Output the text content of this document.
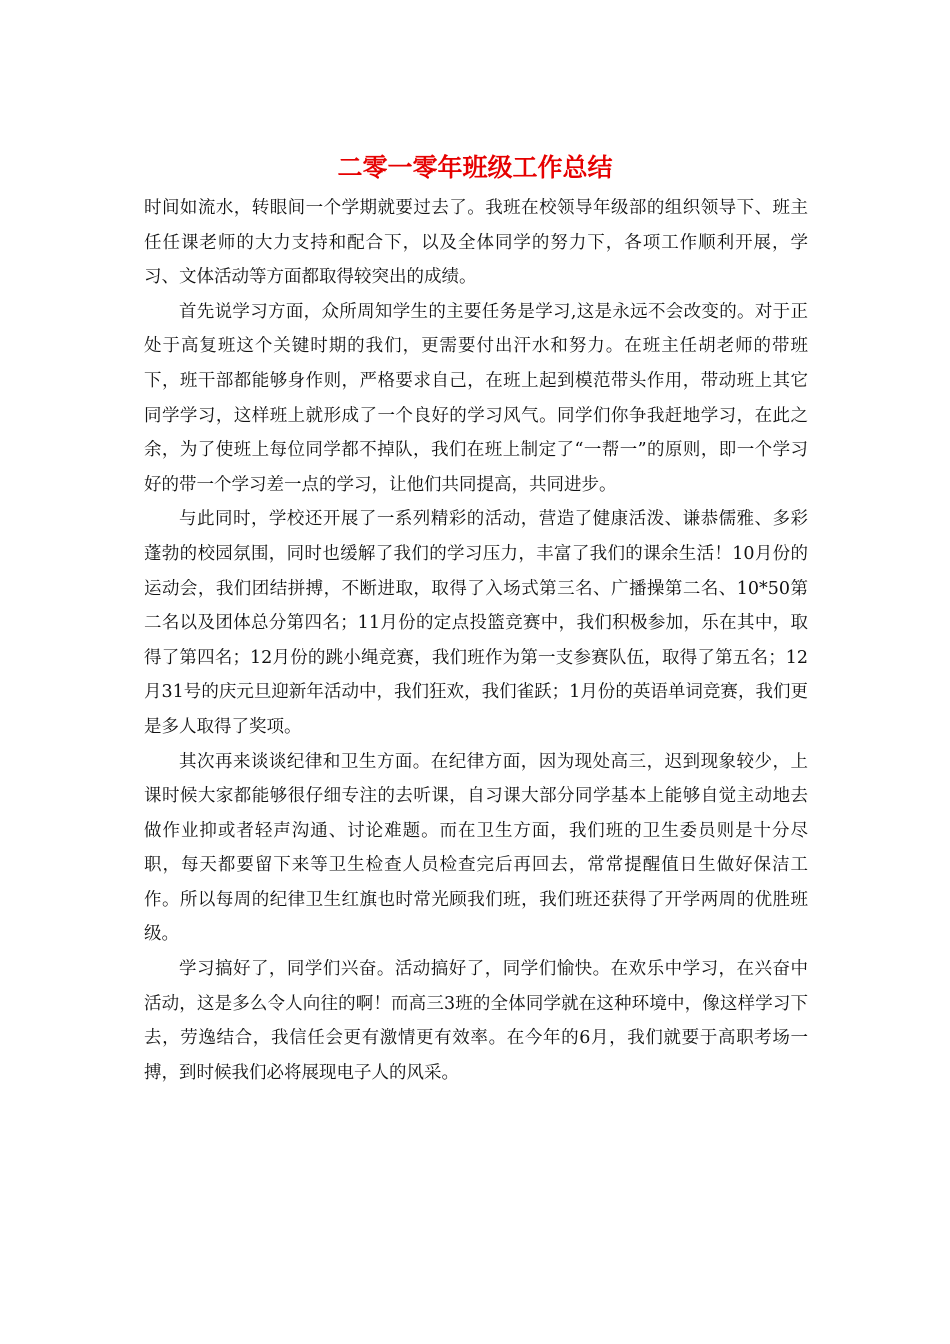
二零一零年班级工作总结

时间如流水，转眼间一个学期就要过去了。我班在校领导年级部的组织领导下、班主任任课老师的大力支持和配合下，以及全体同学的努力下，各项工作顺利开展，学习、文体活动等方面都取得较突出的成绩。

首先说学习方面，众所周知学生的主要任务是学习,这是永远不会改变的。对于正处于高复班这个关键时期的我们，更需要付出汗水和努力。在班主任胡老师的带班下，班干部都能够身作则，严格要求自己，在班上起到模范带头作用，带动班上其它同学学习，这样班上就形成了一个良好的学习风气。同学们你争我赶地学习，在此之余，为了使班上每位同学都不掉队，我们在班上制定了“一帮一”的原则，即一个学习好的带一个学习差一点的学习，让他们共同提高，共同进步。

与此同时，学校还开展了一系列精彩的活动，营造了健康活泼、谦恭儒雅、多彩蓬勃的校园氛围，同时也缓解了我们的学习压力，丰富了我们的课余生活！10月份的运动会，我们团结拼搏，不断进取，取得了入场式第三名、广播操第二名、10*50第二名以及团体总分第四名；11月份的定点投篮竞赛中，我们积极参加，乐在其中，取得了第四名；12月份的跳小绳竞赛，我们班作为第一支参赛队伍，取得了第五名；12月31号的庆元旦迎新年活动中，我们狂欢，我们雀跃；1月份的英语单词竞赛，我们更是多人取得了奖项。

其次再来谈谈纪律和卫生方面。在纪律方面，因为现处高三，迟到现象较少，上课时候大家都能够很仔细专注的去听课，自习课大部分同学基本上能够自觉主动地去做作业抑或者轻声沟通、讨论难题。而在卫生方面，我们班的卫生委员则是十分尽职，每天都要留下来等卫生检查人员检查完后再回去，常常提醒值日生做好保洁工作。所以每周的纪律卫生红旗也时常光顾我们班，我们班还获得了开学两周的优胜班级。

学习搞好了，同学们兴奋。活动搞好了，同学们愉快。在欢乐中学习，在兴奋中活动，这是多么令人向往的啊！而高三3班的全体同学就在这种环境中，像这样学习下去，劳逸结合，我信任会更有激情更有效率。在今年的6月，我们就要于高职考场一搏，到时候我们必将展现电子人的风采。
